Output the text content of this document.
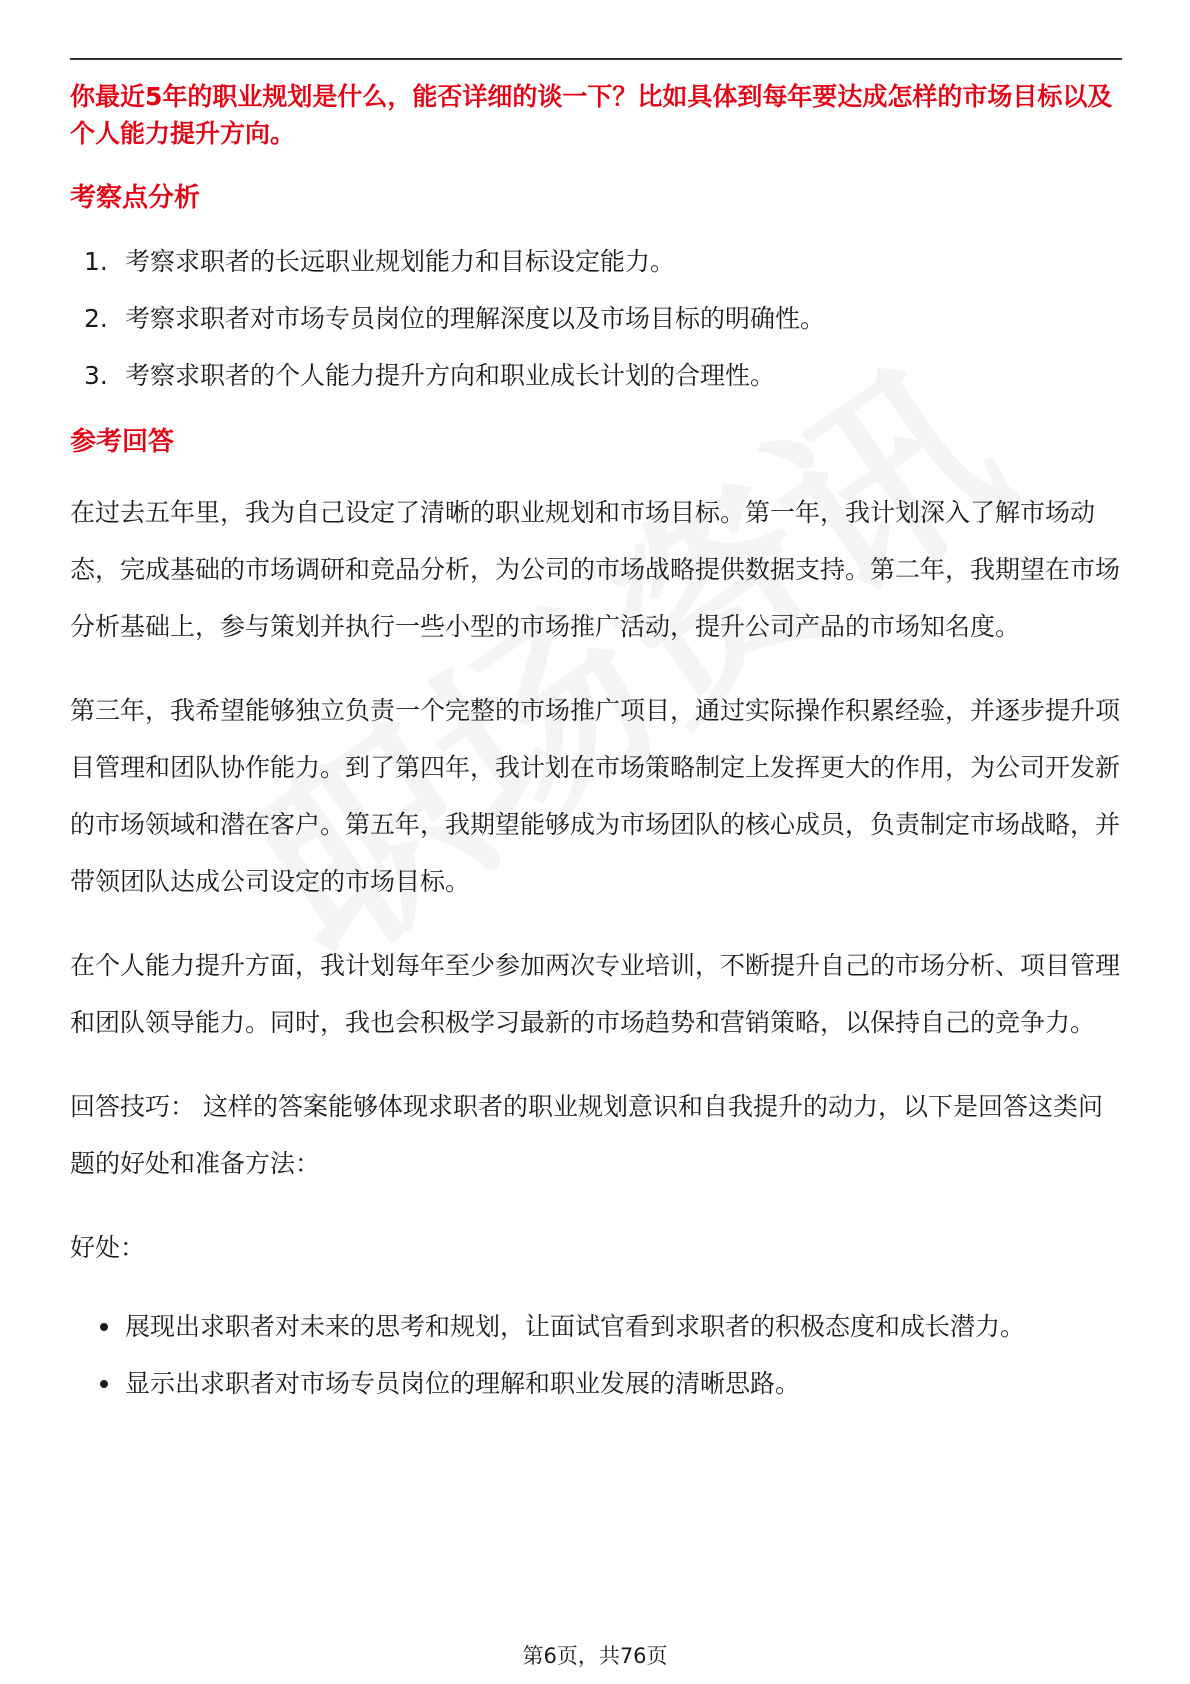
你最近5年的职业规划是什么，能否详细的谈一下？比如具体到每年要达成怎样的市场目标以及个人能力提升方向。

考察点分析
1. 考察求职者的长远职业规划能力和目标设定能力。
2. 考察求职者对市场专员岗位的理解深度以及市场目标的明确性。
3. 考察求职者的个人能力提升方向和职业成长计划的合理性。
参考回答

在过去五年里，我为自己设定了清晰的职业规划和市场目标。第一年，我计划深入了解市场动态，完成基础的市场调研和竞品分析，为公司的市场战略提供数据支持。第二年，我期望在市场分析基础上，参与策划并执行一些小型的市场推广活动，提升公司产品的市场知名度。

第三年，我希望能够独立负责一个完整的市场推广项目，通过实际操作积累经验，并逐步提升项目管理和团队协作能力。到了第四年，我计划在市场策略制定上发挥更大的作用，为公司开发新的市场领域和潜在客户。第五年，我期望能够成为市场团队的核心成员，负责制定市场战略，并带领团队达成公司设定的市场目标。

在个人能力提升方面，我计划每年至少参加两次专业培训，不断提升自己的市场分析、项目管理和团队领导能力。同时，我也会积极学习最新的市场趋势和营销策略，以保持自己的竞争力。

回答技巧： 这样的答案能够体现求职者的职业规划意识和自我提升的动力，以下是回答这类问题的好处和准备方法：

好处：

展现出求职者对未来的思考和规划，让面试官看到求职者的积极态度和成长潜力。
显示出求职者对市场专员岗位的理解和职业发展的清晰思路。
第6页，共76页
